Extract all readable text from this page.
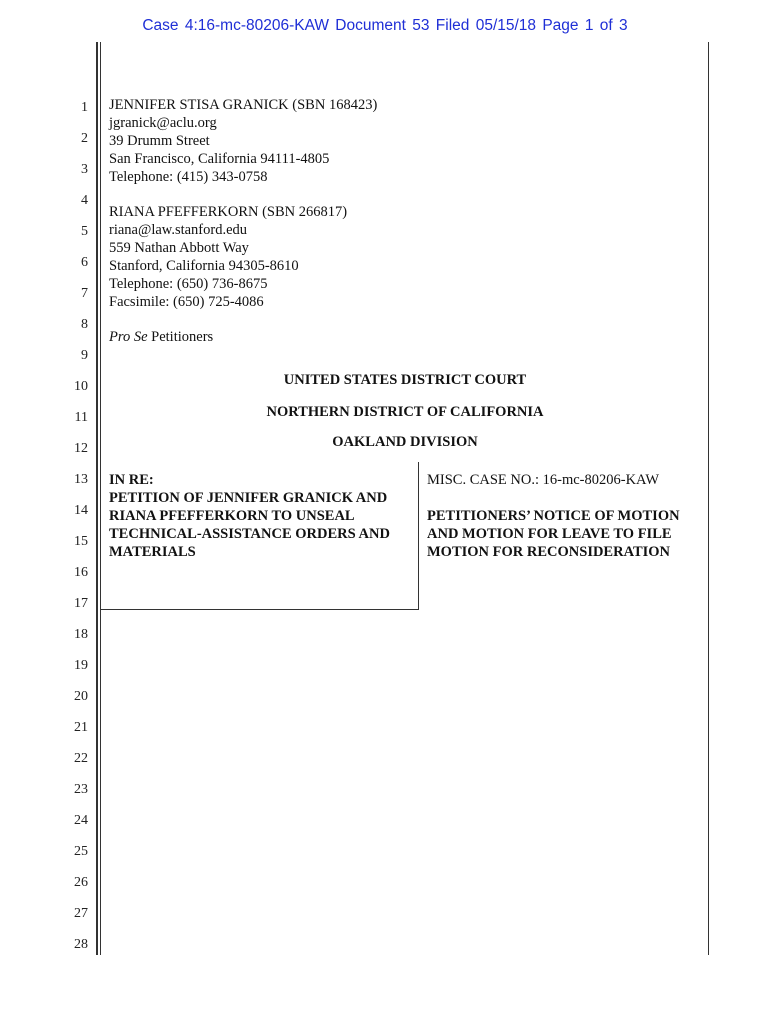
Case 4:16-mc-80206-KAW Document 53 Filed 05/15/18 Page 1 of 3
1
2
3
4
5
6
7
8
9
10
11
12
13
14
15
16
17
18
19
20
21
22
23
24
25
26
27
28
JENNIFER STISA GRANICK (SBN 168423)
jgranick@aclu.org
39 Drumm Street
San Francisco, California 94111-4805
Telephone: (415) 343-0758
RIANA PFEFFERKORN (SBN 266817)
riana@law.stanford.edu
559 Nathan Abbott Way
Stanford, California 94305-8610
Telephone: (650) 736-8675
Facsimile: (650) 725-4086
Pro Se Petitioners
UNITED STATES DISTRICT COURT
NORTHERN DISTRICT OF CALIFORNIA
OAKLAND DIVISION
IN RE:
PETITION OF JENNIFER GRANICK AND
RIANA PFEFFERKORN TO UNSEAL
TECHNICAL-ASSISTANCE ORDERS AND
MATERIALS
MISC. CASE NO.: 16-mc-80206-KAW
PETITIONERS’ NOTICE OF MOTION
AND MOTION FOR LEAVE TO FILE
MOTION FOR RECONSIDERATION
